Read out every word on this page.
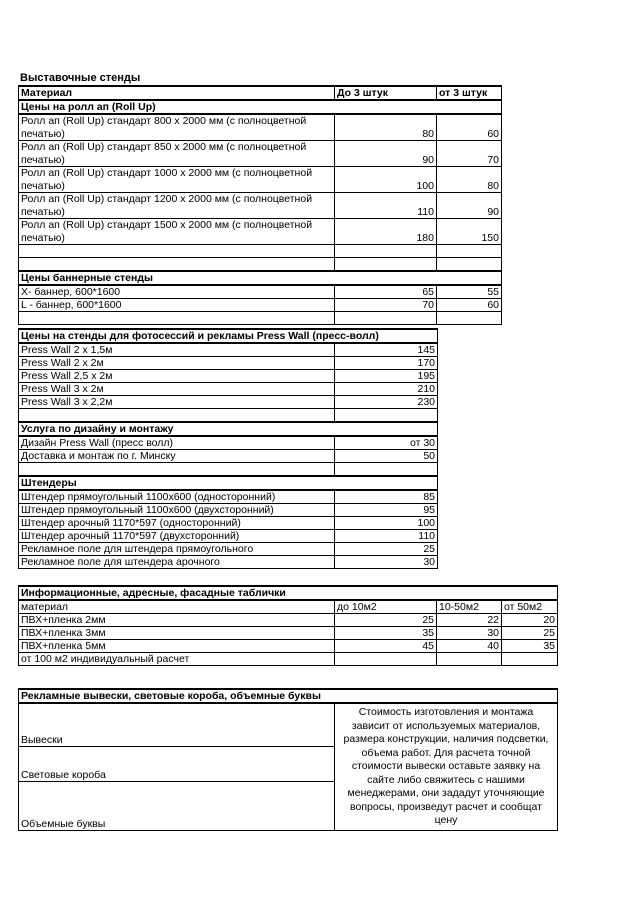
Выставочные стенды
Материал	До 3 штук	от 3 штук
Цены на ролл ап (Roll Up)		
Ролл ап (Roll Up) стандарт 800 х 2000 мм (с полноцветной
печатью)	80	60
Ролл ап (Roll Up) стандарт 850 х 2000 мм (с полноцветной
печатью)	90	70
Ролл ап (Roll Up) стандарт 1000 х 2000 мм (с полноцветной
печатью)	100	80
Ролл ап (Roll Up) стандарт 1200 х 2000 мм (с полноцветной
печатью)	110	90
Ролл ап (Roll Up) стандарт 1500 х 2000 мм (с полноцветной
печатью)	180	150

Цены баннерные стенды		
Х- баннер, 600*1600	65	55
L - баннер, 600*1600	70	60

Цены на стенды для фотосессий и рекламы Press Wall (пресс-волл)	
Press Wall 2 х 1,5м	145
Press Wall 2 х 2м	170
Press Wall 2,5 х 2м	195
Press Wall 3 х 2м	210
Press Wall 3 х 2,2м	230

Услуга по дизайну и монтажу	
Дизайн Press Wall (пресс волл)	от 30
Доставка и монтаж по г. Минску	50

Штендеры	
Штендер прямоугольный 1100х600 (односторонний)	85
Штендер прямоугольный 1100х600 (двухсторонний)	95
Штендер арочный 1170*597 (односторонний)	100
Штендер арочный 1170*597 (двухсторонний)	110
Рекламное поле для штендера прямоугольного	25
Рекламное поле для штендера арочного	30
Информационные, адресные, фасадные таблички			
материал	до 10м2	10-50м2	от 50м2
ПВХ+пленка 2мм	25	22	20
ПВХ+пленка 3мм	35	30	25
ПВХ+пленка 5мм	45	40	35
от 100 м2 индивидуальный расчет			
Рекламные вывески, световые короба, объемные буквы
Вывески	Стоимость изготовления и монтажа зависит от используемых материалов, размера конструкции, наличия подсветки, объема работ. Для расчета точной стоимости вывески оставьте заявку на сайте либо свяжитесь с нашими менеджерами, они зададут уточняющие вопросы, произведут расчет и сообщат цену
Световые короба
Объемные буквы
